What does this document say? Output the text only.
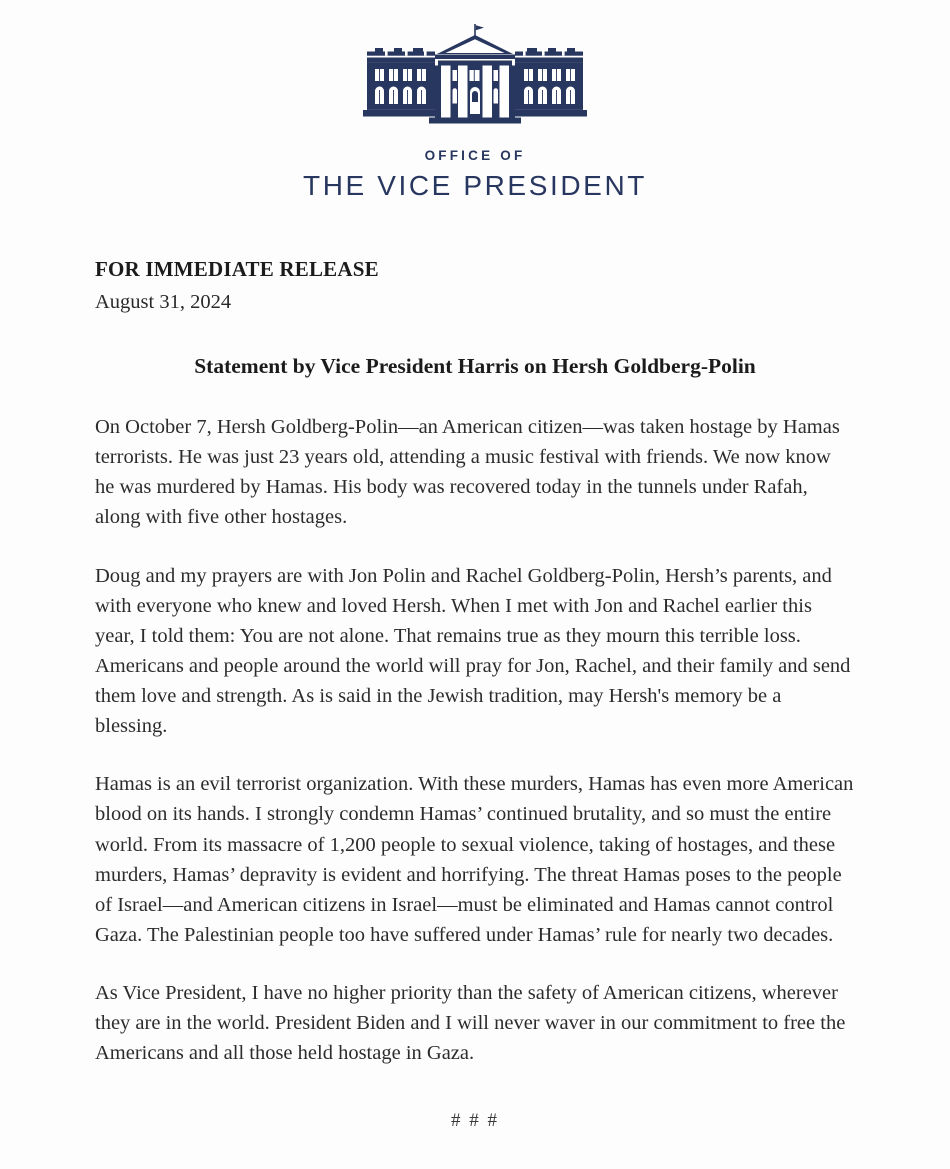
OFFICE OF
THE VICE PRESIDENT
FOR IMMEDIATE RELEASE
August 31, 2024
Statement by Vice President Harris on Hersh Goldberg-Polin

On October 7, Hersh Goldberg-Polin—an American citizen—was taken hostage by Hamas terrorists. He was just 23 years old, attending a music festival with friends. We now know he was murdered by Hamas. His body was recovered today in the tunnels under Rafah, along with five other hostages.

Doug and my prayers are with Jon Polin and Rachel Goldberg-Polin, Hersh’s parents, and with everyone who knew and loved Hersh. When I met with Jon and Rachel earlier this year, I told them: You are not alone. That remains true as they mourn this terrible loss. Americans and people around the world will pray for Jon, Rachel, and their family and send them love and strength. As is said in the Jewish tradition, may Hersh's memory be a blessing.

Hamas is an evil terrorist organization. With these murders, Hamas has even more American blood on its hands. I strongly condemn Hamas’ continued brutality, and so must the entire world. From its massacre of 1,200 people to sexual violence, taking of hostages, and these murders, Hamas’ depravity is evident and horrifying. The threat Hamas poses to the people of Israel—and American citizens in Israel—must be eliminated and Hamas cannot control Gaza. The Palestinian people too have suffered under Hamas’ rule for nearly two decades.

As Vice President, I have no higher priority than the safety of American citizens, wherever they are in the world. President Biden and I will never waver in our commitment to free the Americans and all those held hostage in Gaza.

# # #
